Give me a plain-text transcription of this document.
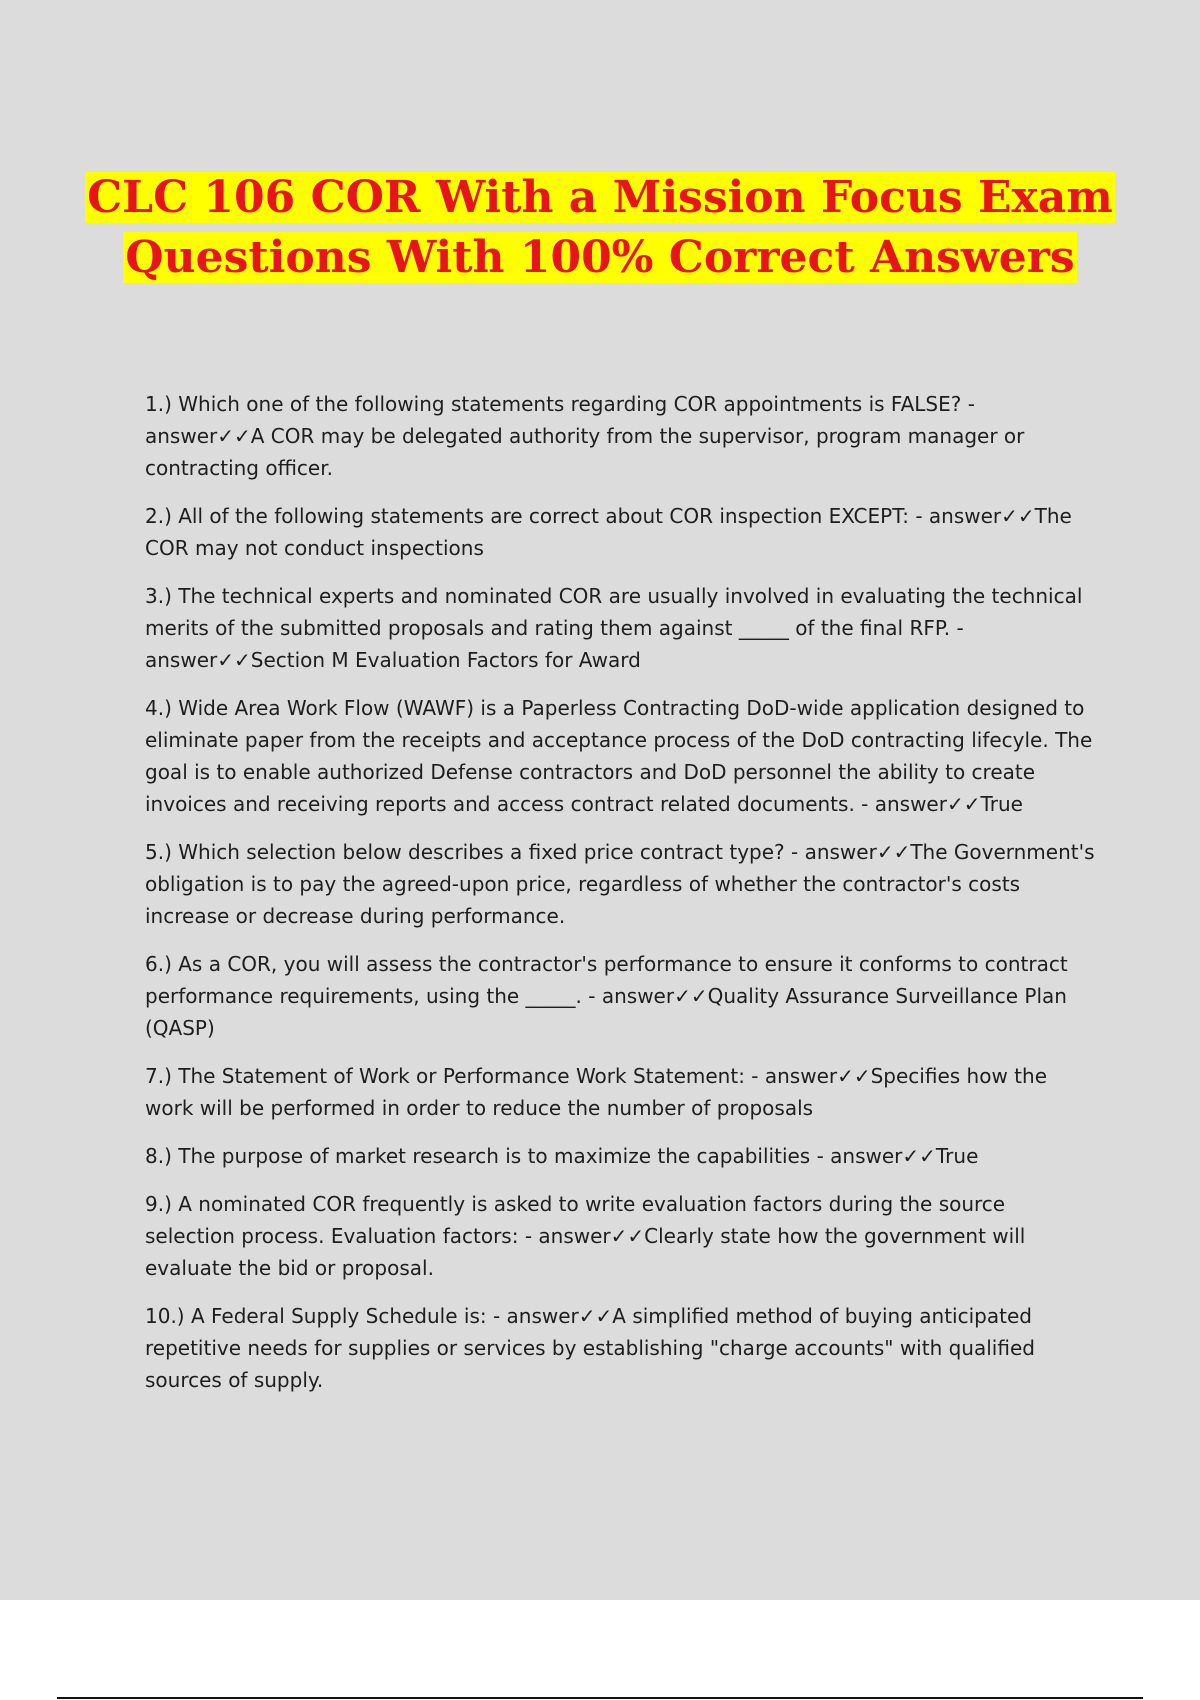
CLC 106 COR With a Mission Focus Exam
Questions With 100% Correct Answers

1.) Which one of the following statements regarding COR appointments is FALSE? - answer✓✓A COR may be delegated authority from the supervisor, program manager or contracting officer.

2.) All of the following statements are correct about COR inspection EXCEPT: - answer✓✓The COR may not conduct inspections

3.) The technical experts and nominated COR are usually involved in evaluating the technical merits of the submitted proposals and rating them against _____ of the final RFP. - answer✓✓Section M Evaluation Factors for Award

4.) Wide Area Work Flow (WAWF) is a Paperless Contracting DoD-wide application designed to eliminate paper from the receipts and acceptance process of the DoD contracting lifecyle. The goal is to enable authorized Defense contractors and DoD personnel the ability to create invoices and receiving reports and access contract related documents. - answer✓✓True

5.) Which selection below describes a fixed price contract type? - answer✓✓The Government's obligation is to pay the agreed-upon price, regardless of whether the contractor's costs increase or decrease during performance.

6.) As a COR, you will assess the contractor's performance to ensure it conforms to contract performance requirements, using the _____. - answer✓✓Quality Assurance Surveillance Plan (QASP)

7.) The Statement of Work or Performance Work Statement: - answer✓✓Specifies how the work will be performed in order to reduce the number of proposals

8.) The purpose of market research is to maximize the capabilities - answer✓✓True

9.) A nominated COR frequently is asked to write evaluation factors during the source selection process. Evaluation factors: - answer✓✓Clearly state how the government will evaluate the bid or proposal.

10.) A Federal Supply Schedule is: - answer✓✓A simplified method of buying anticipated repetitive needs for supplies or services by establishing "charge accounts" with qualified sources of supply.
